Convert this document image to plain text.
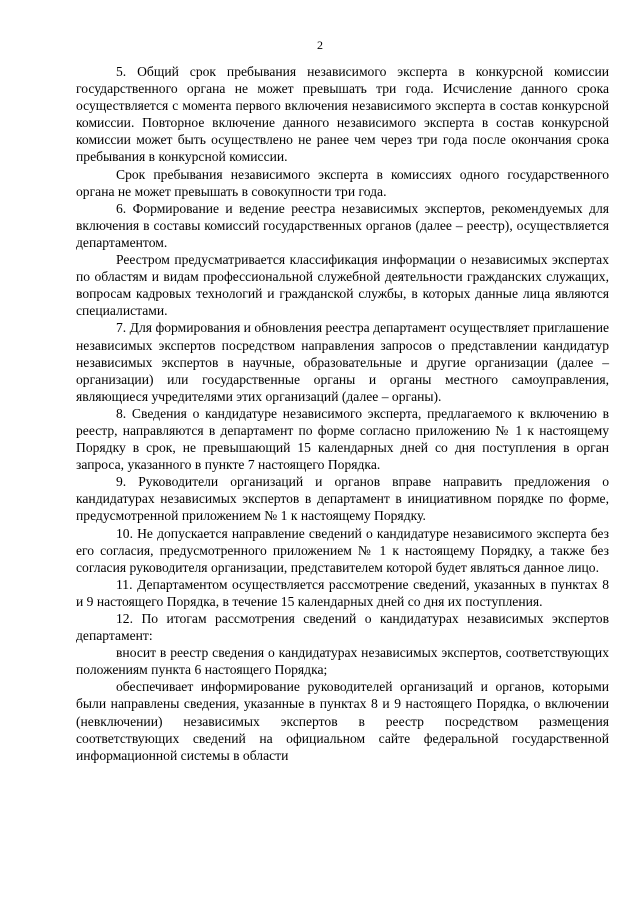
2

5. Общий срок пребывания независимого эксперта в конкурсной комиссии государственного органа не может превышать три года. Исчисление данного срока осуществляется с момента первого включения независимого эксперта в состав конкурсной комиссии. Повторное включение данного независимого эксперта в состав конкурсной комиссии может быть осуществлено не ранее чем через три года после окончания срока пребывания в конкурсной комиссии.

Срок пребывания независимого эксперта в комиссиях одного государственного органа не может превышать в совокупности три года.

6. Формирование и ведение реестра независимых экспертов, рекомендуемых для включения в составы комиссий государственных органов (далее – реестр), осуществляется департаментом.

Реестром предусматривается классификация информации о независимых экспертах по областям и видам профессиональной служебной деятельности гражданских служащих, вопросам кадровых технологий и гражданской службы, в которых данные лица являются специалистами.

7. Для формирования и обновления реестра департамент осуществляет приглашение независимых экспертов посредством направления запросов о представлении кандидатур независимых экспертов в научные, образовательные и другие организации (далее – организации) или государственные органы и органы местного самоуправления, являющиеся учредителями этих организаций (далее – органы).

8. Сведения о кандидатуре независимого эксперта, предлагаемого к включению в реестр, направляются в департамент по форме согласно приложению № 1 к настоящему Порядку в срок, не превышающий 15 календарных дней со дня поступления в орган запроса, указанного в пункте 7 настоящего Порядка.

9. Руководители организаций и органов вправе направить предложения о кандидатурах независимых экспертов в департамент в инициативном порядке по форме, предусмотренной приложением № 1 к настоящему Порядку.

10. Не допускается направление сведений о кандидатуре независимого эксперта без его согласия, предусмотренного приложением № 1 к настоящему Порядку, а также без согласия руководителя организации, представителем которой будет являться данное лицо.

11. Департаментом осуществляется рассмотрение сведений, указанных в пунктах 8 и 9 настоящего Порядка, в течение 15 календарных дней со дня их поступления.

12. По итогам рассмотрения сведений о кандидатурах независимых экспертов департамент:

вносит в реестр сведения о кандидатурах независимых экспертов, соответствующих положениям пункта 6 настоящего Порядка;

обеспечивает информирование руководителей организаций и органов, которыми были направлены сведения, указанные в пунктах 8 и 9 настоящего Порядка, о включении (невключении) независимых экспертов в реестр посредством размещения соответствующих сведений на официальном сайте федеральной государственной информационной системы в области
